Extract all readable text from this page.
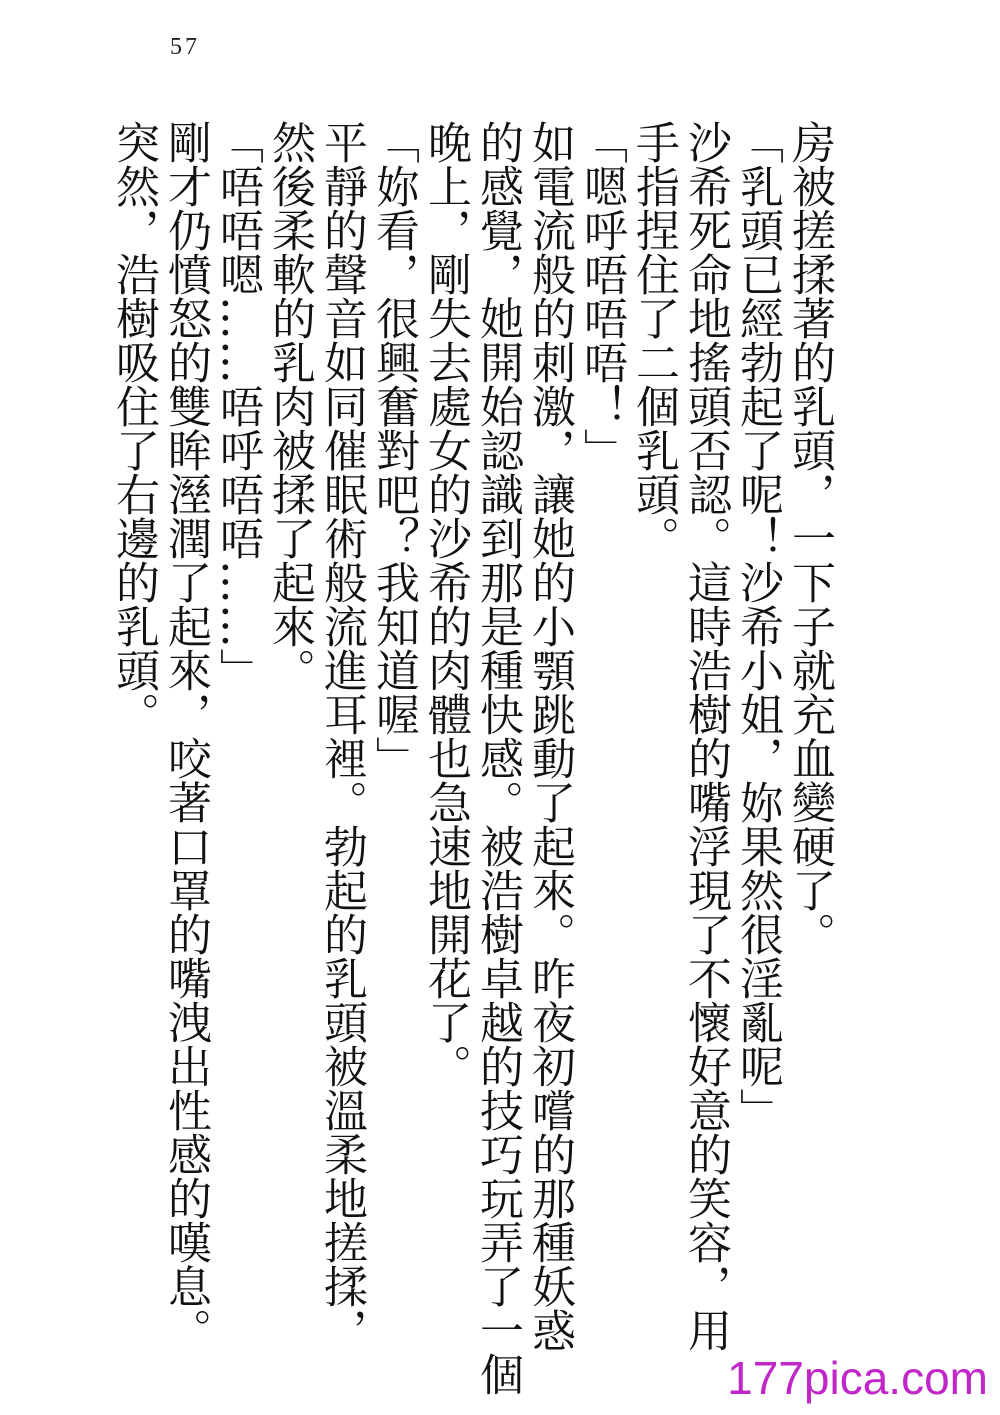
57

房被搓揉著的乳頭，一下子就充血變硬了。

「乳頭已經勃起了呢！沙希小姐，妳果然很淫亂呢」

沙希死命地搖頭否認。這時浩樹的嘴浮現了不懷好意的笑容，用

手指捏住了二個乳頭。

「嗯呼唔唔唔！」

如電流般的刺激，讓她的小顎跳動了起來。昨夜初嚐的那種妖惑

的感覺，她開始認識到那是種快感。被浩樹卓越的技巧玩弄了一個

晚上，剛失去處女的沙希的肉體也急速地開花了。

「妳看，很興奮對吧？我知道喔」

平靜的聲音如同催眠術般流進耳裡。勃起的乳頭被溫柔地搓揉，

然後柔軟的乳肉被揉了起來。

「唔唔嗯……唔呼唔唔……」

剛才仍憤怒的雙眸溼潤了起來，咬著口罩的嘴洩出性感的嘆息。

突然，浩樹吸住了右邊的乳頭。

177pica.com
